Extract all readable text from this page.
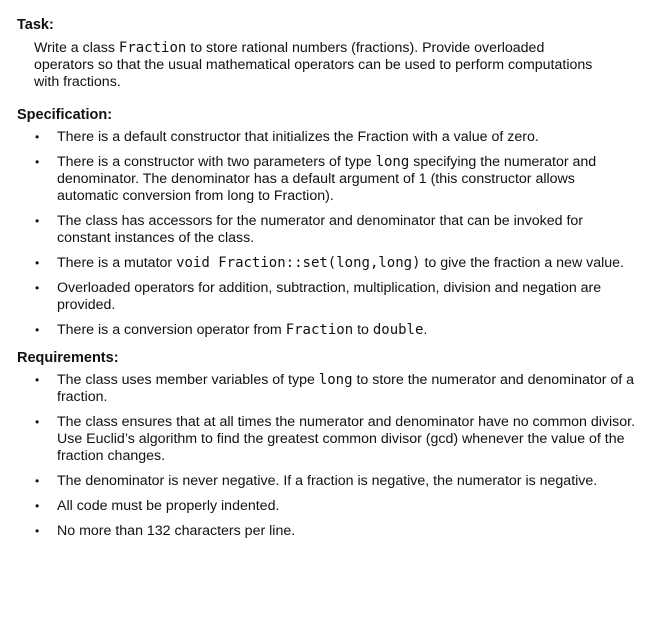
Task:
Write a class Fraction to store rational numbers (fractions). Provide overloaded operators so that the usual mathematical operators can be used to perform computations with fractions.
Specification:
• There is a default constructor that initializes the Fraction with a value of zero.
• There is a constructor with two parameters of type long specifying the numerator and denominator. The denominator has a default argument of 1 (this constructor allows automatic conversion from long to Fraction).
• The class has accessors for the numerator and denominator that can be invoked for constant instances of the class.
• There is a mutator void Fraction::set(long,long) to give the fraction a new value.
• Overloaded operators for addition, subtraction, multiplication, division and negation are provided.
• There is a conversion operator from Fraction to double.
Requirements:
• The class uses member variables of type long to store the numerator and denominator of a fraction.
• The class ensures that at all times the numerator and denominator have no common divisor. Use Euclid’s algorithm to find the greatest common divisor (gcd) whenever the value of the fraction changes.
• The denominator is never negative. If a fraction is negative, the numerator is negative.
• All code must be properly indented.
• No more than 132 characters per line.
